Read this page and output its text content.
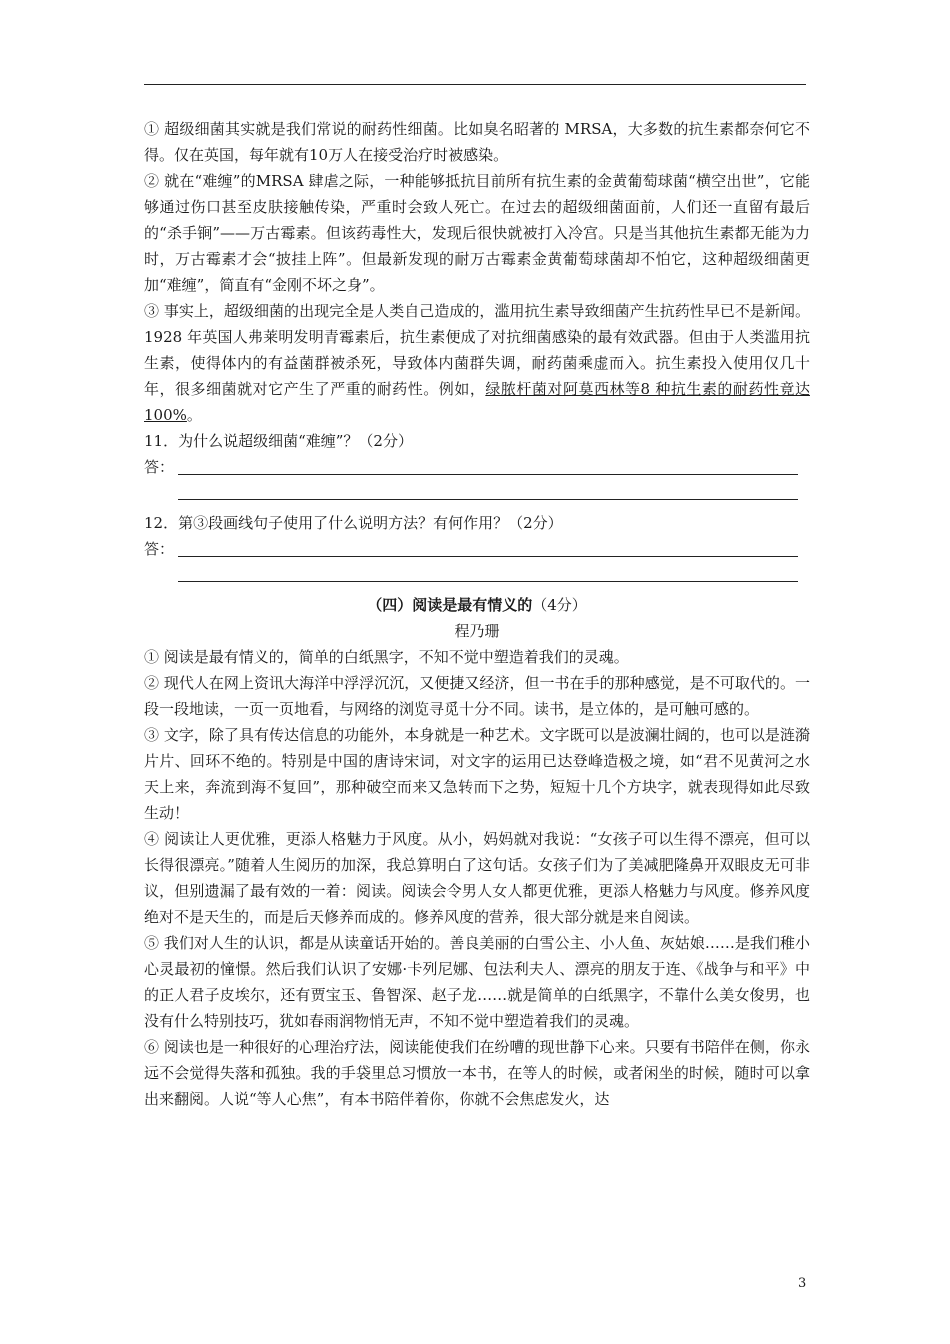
① 超级细菌其实就是我们常说的耐药性细菌。比如臭名昭著的 MRSA，大多数的抗生素都奈何它不得。仅在英国，每年就有10万人在接受治疗时被感染。

② 就在“难缠”的MRSA 肆虐之际，一种能够抵抗目前所有抗生素的金黄葡萄球菌“横空出世”，它能够通过伤口甚至皮肤接触传染，严重时会致人死亡。在过去的超级细菌面前，人们还一直留有最后的“杀手锏”——万古霉素。但该药毒性大，发现后很快就被打入冷宫。只是当其他抗生素都无能为力时，万古霉素才会“披挂上阵”。但最新发现的耐万古霉素金黄葡萄球菌却不怕它，这种超级细菌更加“难缠”，简直有“金刚不坏之身”。

③ 事实上，超级细菌的出现完全是人类自己造成的，滥用抗生素导致细菌产生抗药性早已不是新闻。1928 年英国人弗莱明发明青霉素后，抗生素便成了对抗细菌感染的最有效武器。但由于人类滥用抗生素，使得体内的有益菌群被杀死，导致体内菌群失调，耐药菌乘虚而入。抗生素投入使用仅几十年，很多细菌就对它产生了严重的耐药性。例如，绿脓杆菌对阿莫西林等8 种抗生素的耐药性竟达100%。

11．为什么说超级细菌“难缠”？（2分）

答：

12．第③段画线句子使用了什么说明方法？有何作用？（2分）

答：

（四）阅读是最有情义的（4分）

程乃珊

① 阅读是最有情义的，简单的白纸黑字，不知不觉中塑造着我们的灵魂。

② 现代人在网上资讯大海洋中浮浮沉沉，又便捷又经济，但一书在手的那种感觉，是不可取代的。一段一段地读，一页一页地看，与网络的浏览寻觅十分不同。读书，是立体的，是可触可感的。

③ 文字，除了具有传达信息的功能外，本身就是一种艺术。文字既可以是波澜壮阔的，也可以是涟漪片片、回环不绝的。特别是中国的唐诗宋词，对文字的运用已达登峰造极之境，如“君不见黄河之水天上来，奔流到海不复回”，那种破空而来又急转而下之势，短短十几个方块字，就表现得如此尽致生动！

④ 阅读让人更优雅，更添人格魅力于风度。从小，妈妈就对我说：“女孩子可以生得不漂亮，但可以长得很漂亮。”随着人生阅历的加深，我总算明白了这句话。女孩子们为了美减肥隆鼻开双眼皮无可非议，但别遗漏了最有效的一着：阅读。阅读会令男人女人都更优雅，更添人格魅力与风度。修养风度绝对不是天生的，而是后天修养而成的。修养风度的营养，很大部分就是来自阅读。

⑤ 我们对人生的认识，都是从读童话开始的。善良美丽的白雪公主、小人鱼、灰姑娘……是我们稚小心灵最初的憧憬。然后我们认识了安娜·卡列尼娜、包法利夫人、漂亮的朋友于连、《战争与和平》中的正人君子皮埃尔，还有贾宝玉、鲁智深、赵子龙……就是简单的白纸黑字，不靠什么美女俊男，也没有什么特别技巧，犹如春雨润物悄无声，不知不觉中塑造着我们的灵魂。

⑥ 阅读也是一种很好的心理治疗法，阅读能使我们在纷嘈的现世静下心来。只要有书陪伴在侧，你永远不会觉得失落和孤独。我的手袋里总习惯放一本书，在等人的时候，或者闲坐的时候，随时可以拿出来翻阅。人说“等人心焦”，有本书陪伴着你，你就不会焦虑发火，达

3
